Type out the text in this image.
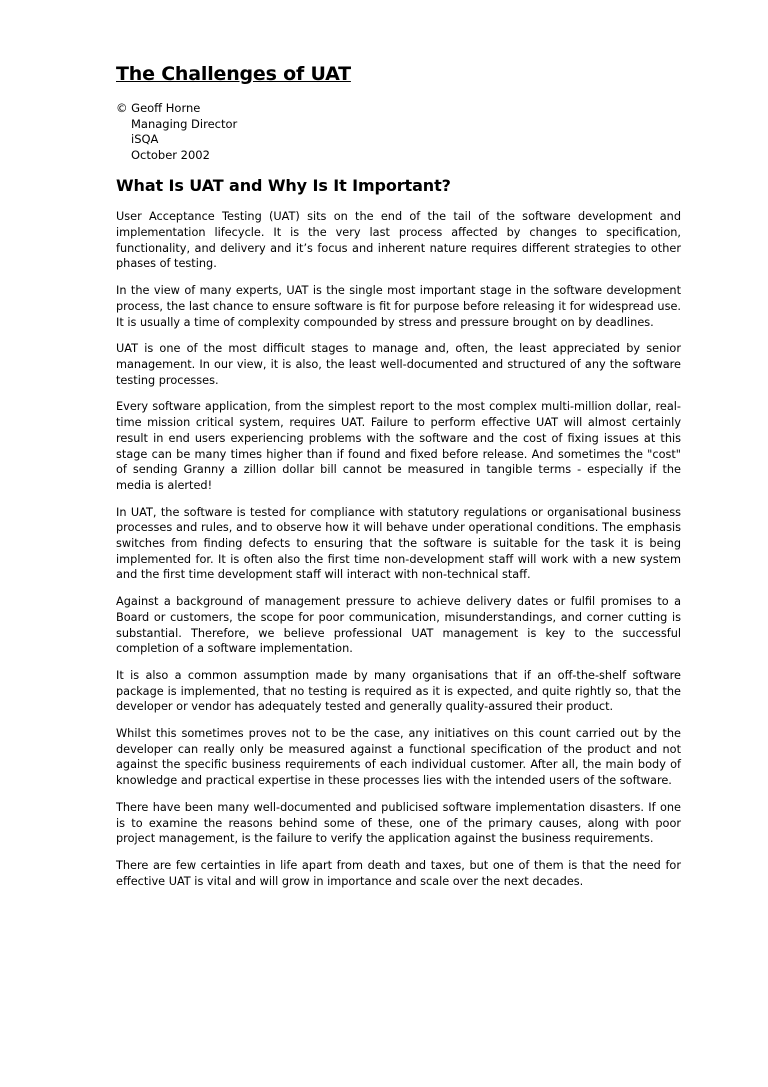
The Challenges of UAT
© Geoff Horne
Managing Director
iSQA
October 2002
What Is UAT and Why Is It Important?

User Acceptance Testing (UAT) sits on the end of the tail of the software development and implementation lifecycle. It is the very last process affected by changes to specification, functionality, and delivery and it’s focus and inherent nature requires different strategies to other phases of testing.

In the view of many experts, UAT is the single most important stage in the software development process, the last chance to ensure software is fit for purpose before releasing it for widespread use. It is usually a time of complexity compounded by stress and pressure brought on by deadlines.

UAT is one of the most difficult stages to manage and, often, the least appreciated by senior management. In our view, it is also, the least well-documented and structured of any the software testing processes.

Every software application, from the simplest report to the most complex multi-million dollar, real-time mission critical system, requires UAT. Failure to perform effective UAT will almost certainly result in end users experiencing problems with the software and the cost of fixing issues at this stage can be many times higher than if found and fixed before release. And sometimes the "cost" of sending Granny a zillion dollar bill cannot be measured in tangible terms - especially if the media is alerted!

In UAT, the software is tested for compliance with statutory regulations or organisational business processes and rules, and to observe how it will behave under operational conditions. The emphasis switches from finding defects to ensuring that the software is suitable for the task it is being implemented for. It is often also the first time non-development staff will work with a new system and the first time development staff will interact with non-technical staff.

Against a background of management pressure to achieve delivery dates or fulfil promises to a Board or customers, the scope for poor communication, misunderstandings, and corner cutting is substantial. Therefore, we believe professional UAT management is key to the successful completion of a software implementation.

It is also a common assumption made by many organisations that if an off-the-shelf software package is implemented, that no testing is required as it is expected, and quite rightly so, that the developer or vendor has adequately tested and generally quality-assured their product.

Whilst this sometimes proves not to be the case, any initiatives on this count carried out by the developer can really only be measured against a functional specification of the product and not against the specific business requirements of each individual customer. After all, the main body of knowledge and practical expertise in these processes lies with the intended users of the software.

There have been many well-documented and publicised software implementation disasters. If one is to examine the reasons behind some of these, one of the primary causes, along with poor project management, is the failure to verify the application against the business requirements.

There are few certainties in life apart from death and taxes, but one of them is that the need for effective UAT is vital and will grow in importance and scale over the next decades.
